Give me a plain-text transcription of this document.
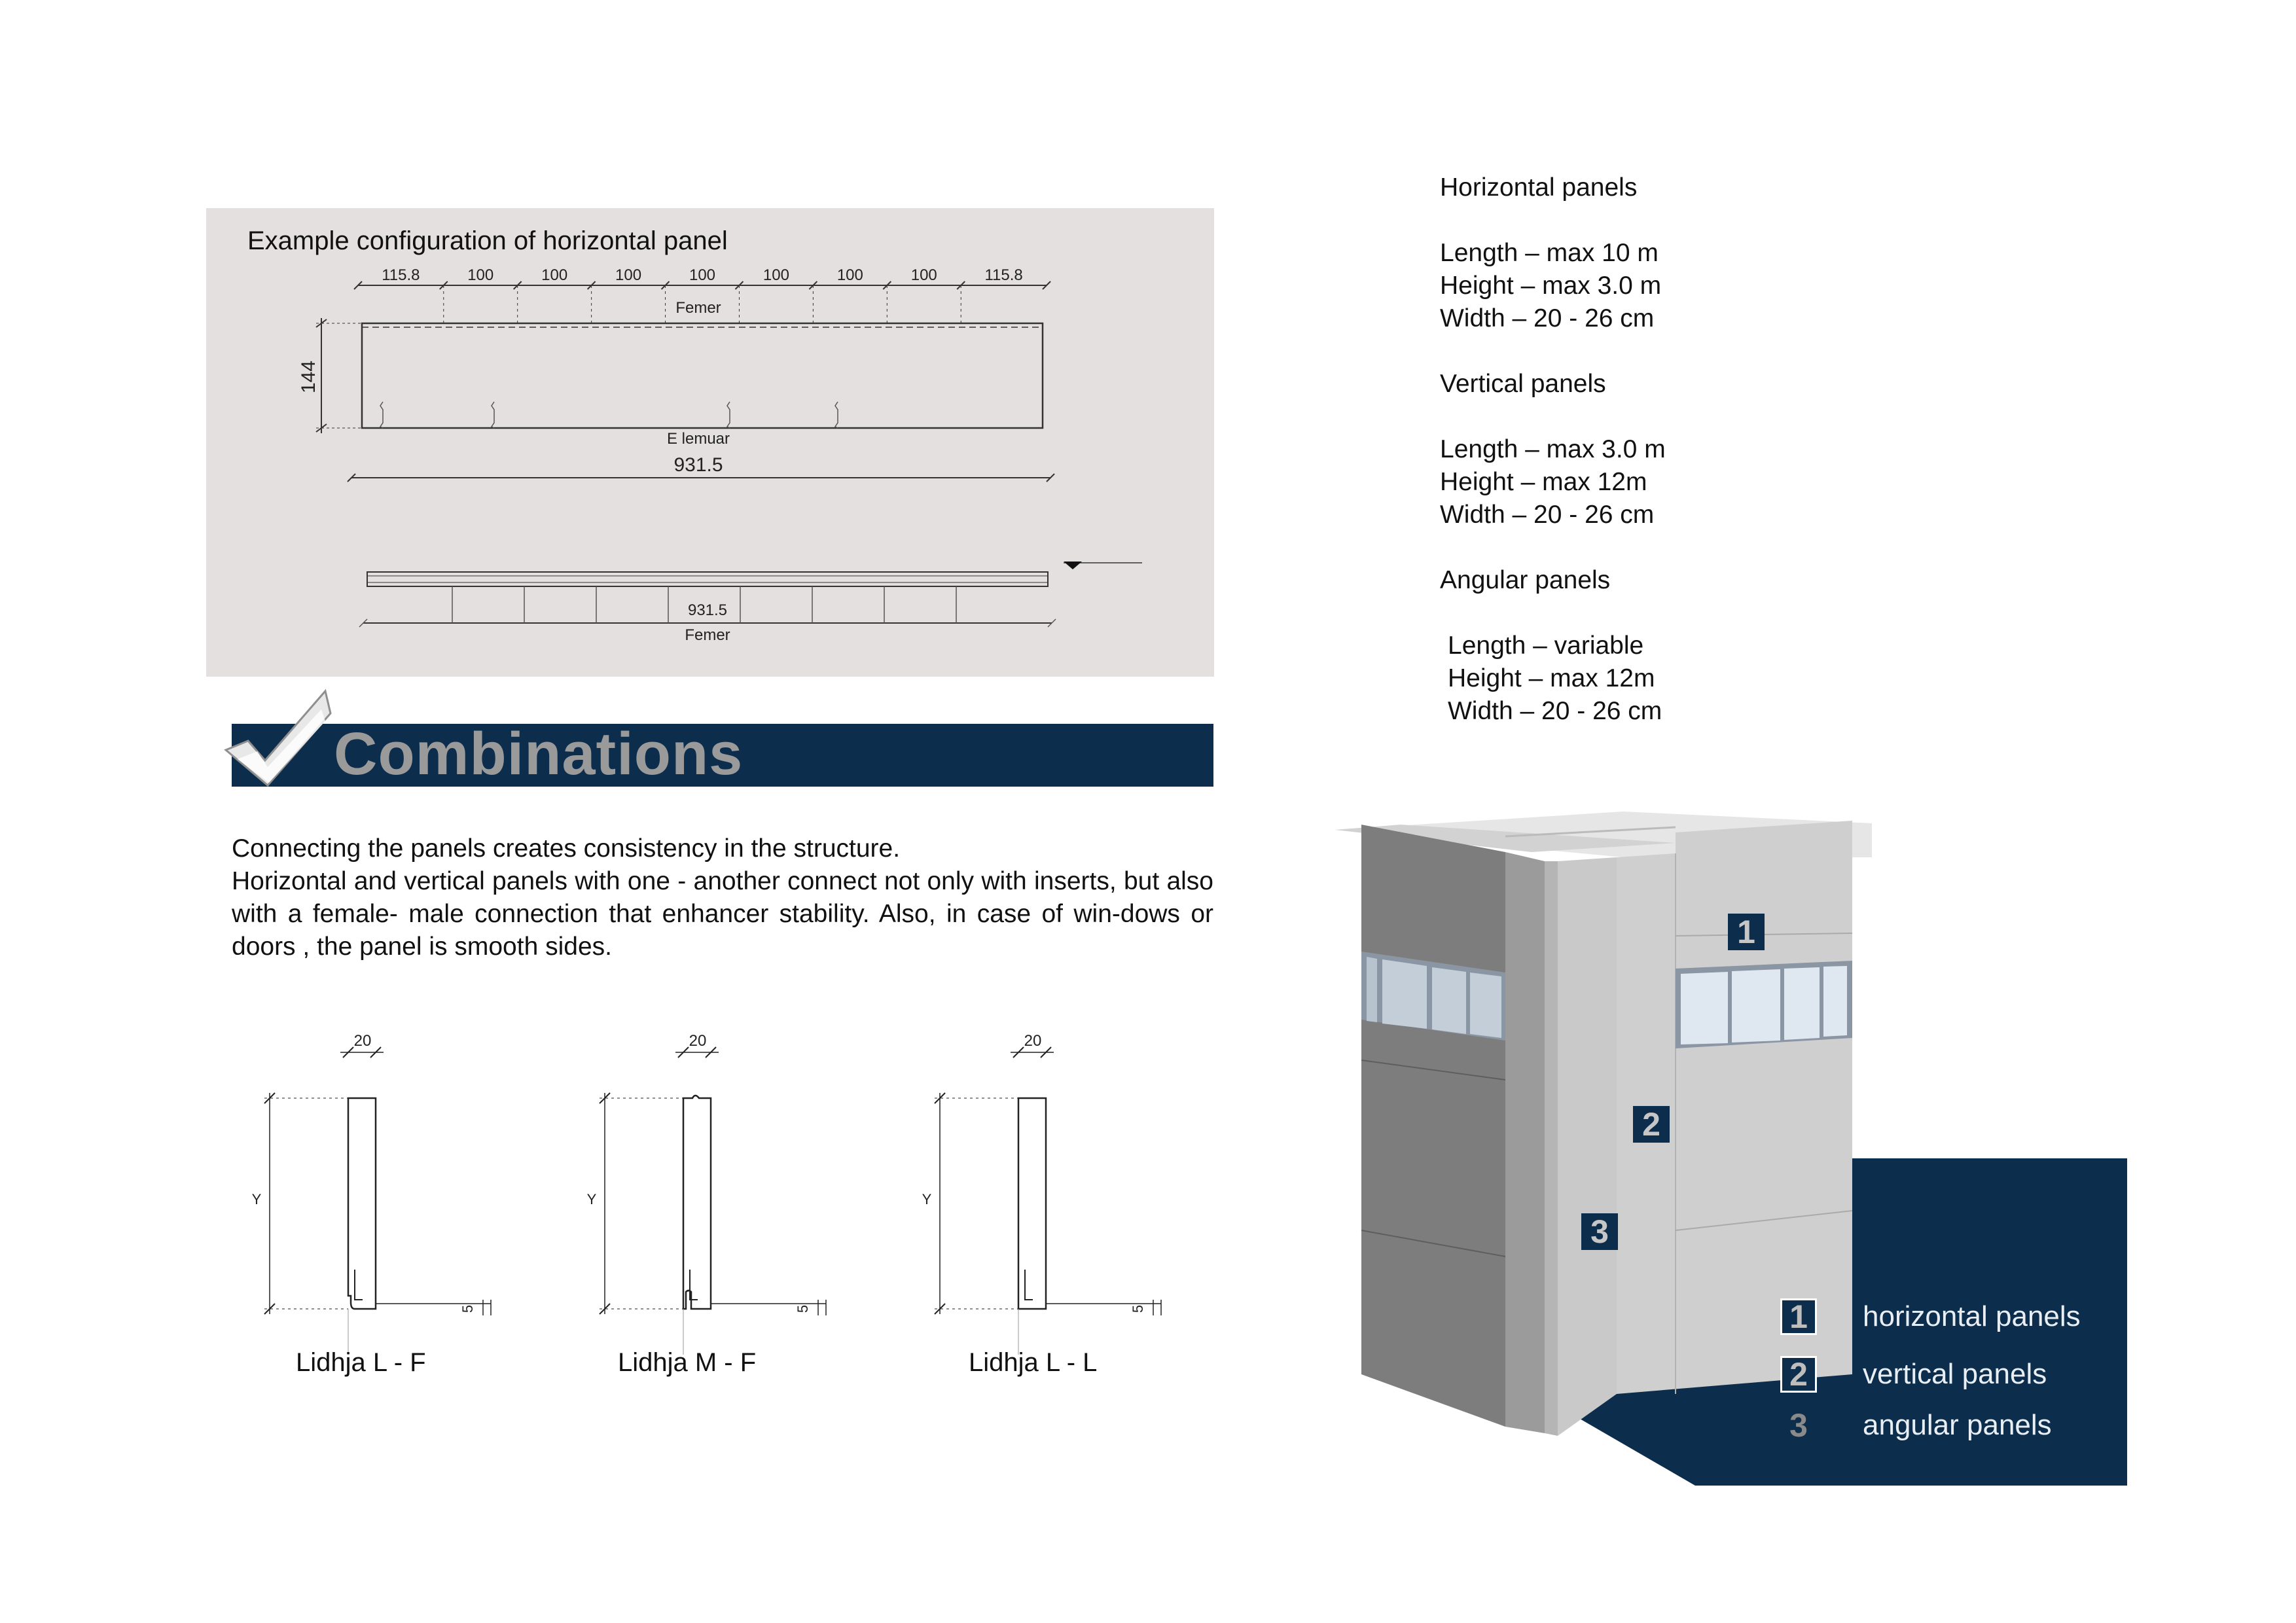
Example configuration of horizontal panel
115.8	100	100	100	100	100	100	100	115.8
Femer
E lemuar
931.5
144
931.5
Femer
Combinations

Connecting the panels creates consistency in the structure.

Horizontal and vertical panels with one - another connect not only with inserts, but also with a female- male connection that enhancer stability. Also, in case of win-dows or doors , the panel is smooth sides.

20
Y
5
20
Y
5
20
Y
5
Lidhja L - F	Lidhja M - F	Lidhja L - L
Horizontal panels
Length – max 10 m
Height – max 3.0 m
Width – 20 - 26 cm
Vertical panels
Length – max 3.0 m
Height – max 12m
Width – 20 - 26 cm
Angular panels
Length – variable
Height – max 12m
Width – 20 - 26 cm
1
2
3
1	horizontal panels
2	vertical panels
3	angular panels
